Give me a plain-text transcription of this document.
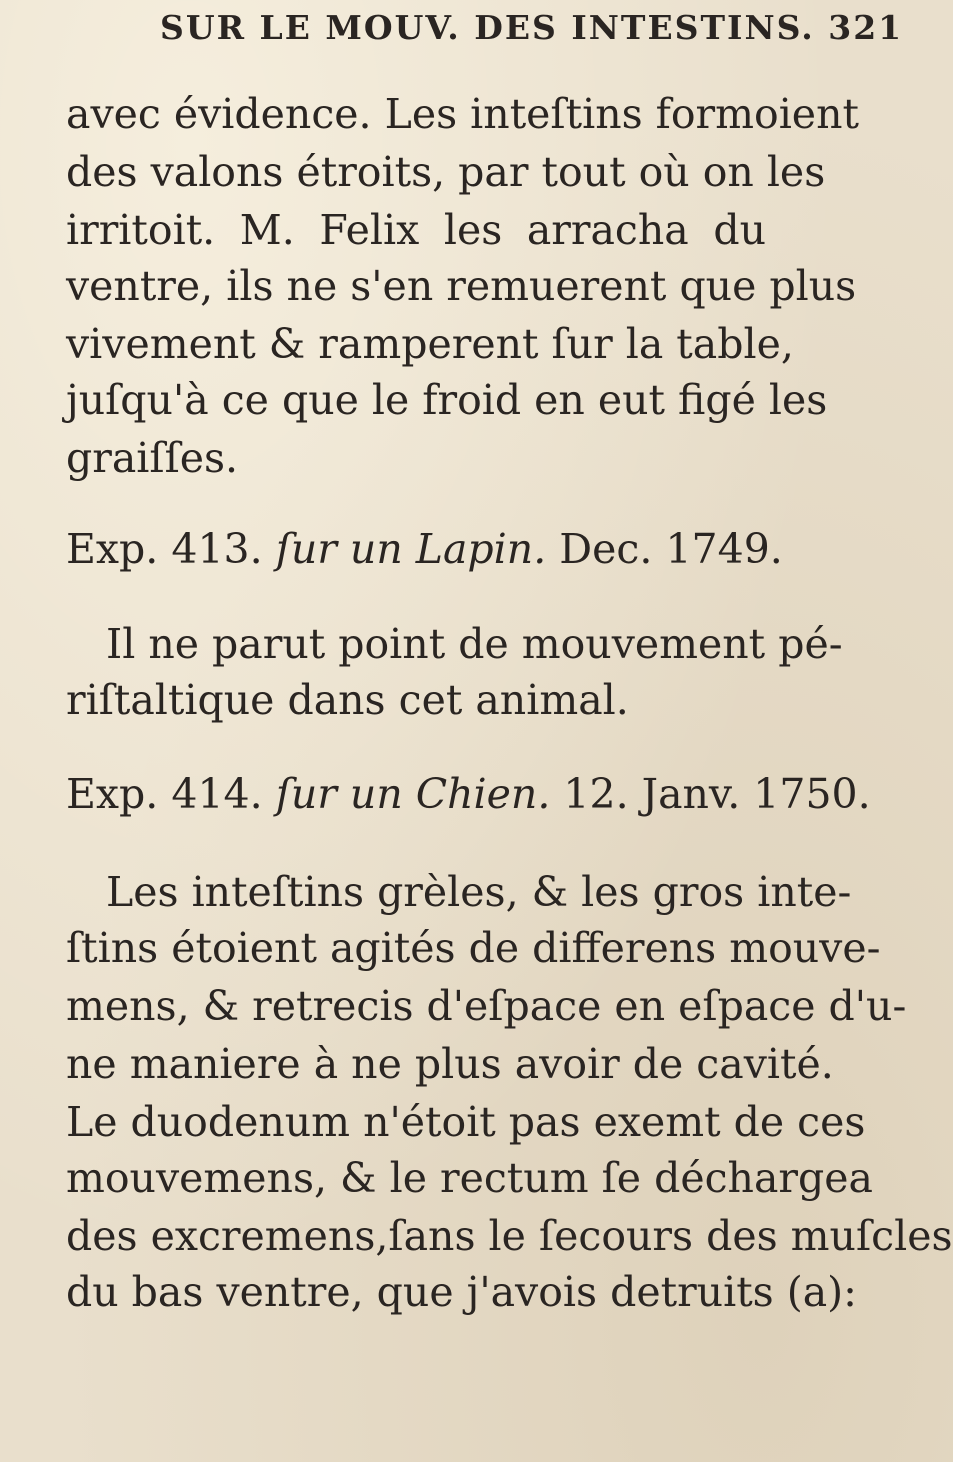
SUR LE MOUV. DES INTESTINS. 321
avec évidence. Les inteſtins formoient
des valons étroits, par tout où on les
irritoit. M. Felix les arracha du
ventre, ils ne s'en remuerent que plus
vivement & ramperent ſur la table,
juſqu'à ce que le froid en eut figé les
graiſſes.
Exp. 413. ſur un Lapin. Dec. 1749.
Il ne parut point de mouvement pé-
riſtaltique dans cet animal.
Exp. 414. ſur un Chien. 12. Janv. 1750.
Les inteſtins grèles, & les gros inte-
ſtins étoient agités de differens mouve-
mens, & retrecis d'eſpace en eſpace d'u-
ne maniere à ne plus avoir de cavité.
Le duodenum n'étoit pas exemt de ces
mouvemens, & le rectum ſe déchargea
des excremens,ſans le ſecours des muſcles
du bas ventre, que j'avois detruits (a):
